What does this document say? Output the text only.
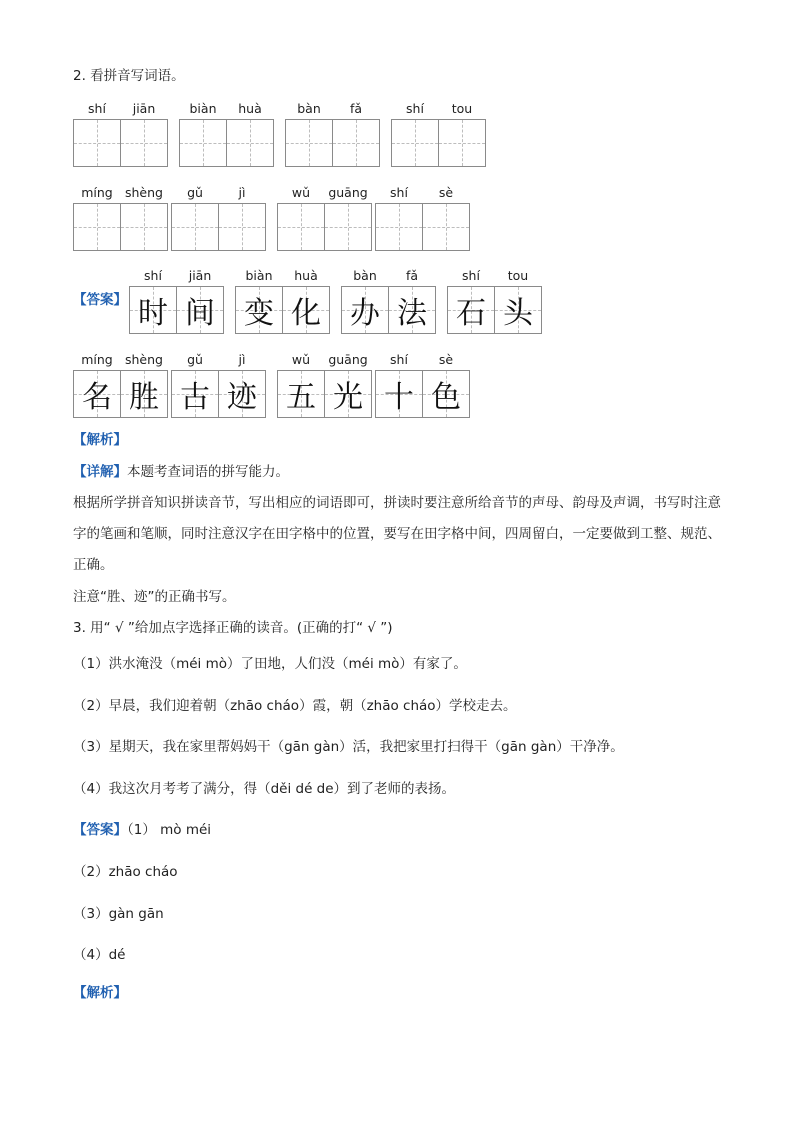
2. 看拼音写词语。
shí	jiān	biàn	huà	bàn	fǎ	shí	tou
míng shèng	gǔ	jì	wǔ	guāng	shí	sè
【答案】
shí	jiān	biàn	huà	bàn	fǎ	shí	tou
时 间 变 化 办 法 石 头
míng shèng	gǔ	jì	wǔ	guāng	shí	sè
名 胜 古 迹 五 光 十 色
【解析】
【详解】本题考查词语的拼写能力。
根据所学拼音知识拼读音节，写出相应的词语即可，拼读时要注意所给音节的声母、韵母及声调，书写时注意字的笔画和笔顺，同时注意汉字在田字格中的位置，要写在田字格中间，四周留白，一定要做到工整、规范、正确。
注意“胜、迹”的正确书写。
3. 用“ √ ”给加点字选择正确的读音。(正确的打“ √ ”)
（1）洪水淹没（méi mò）了田地，人们没（méi mò）有家了。
（2）早晨，我们迎着朝（zhāo cháo）霞，朝（zhāo cháo）学校走去。
（3）星期天，我在家里帮妈妈干（gān gàn）活，我把家里打扫得干（gān gàn）干净净。
（4）我这次月考考了满分，得（děi dé de）到了老师的表扬。
【答案】（1） mò méi
（2）zhāo cháo
（3）gàn gān
（4）dé
【解析】
